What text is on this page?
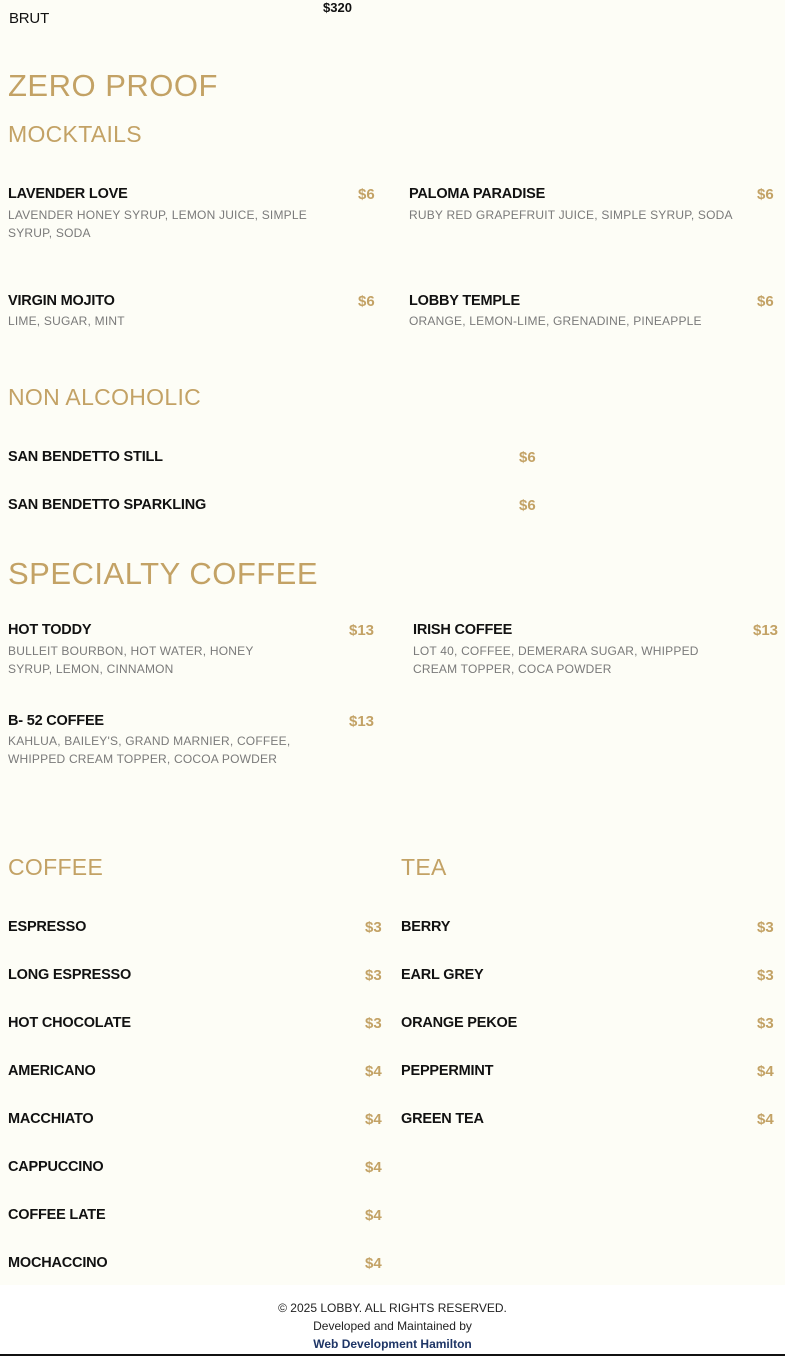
BRUT
$320
ZERO PROOF
MOCKTAILS
LAVENDER LOVE	$6
LAVENDER HONEY SYRUP, LEMON JUICE, SIMPLE SYRUP, SODA
PALOMA PARADISE	$6
RUBY RED GRAPEFRUIT JUICE, SIMPLE SYRUP, SODA
VIRGIN MOJITO	$6
LIME, SUGAR, MINT
LOBBY TEMPLE	$6
ORANGE, LEMON-LIME, GRENADINE, PINEAPPLE
NON ALCOHOLIC
SAN BENDETTO STILL	$6
SAN BENDETTO SPARKLING	$6
SPECIALTY COFFEE
HOT TODDY	$13
BULLEIT BOURBON, HOT WATER, HONEY SYRUP, LEMON, CINNAMON
IRISH COFFEE	$13
LOT 40, COFFEE, DEMERARA SUGAR, WHIPPED CREAM TOPPER, COCA POWDER
B- 52 COFFEE	$13
KAHLUA, BAILEY'S, GRAND MARNIER, COFFEE, WHIPPED CREAM TOPPER, COCOA POWDER
COFFEE
ESPRESSO	$3
LONG ESPRESSO	$3
HOT CHOCOLATE	$3
AMERICANO	$4
MACCHIATO	$4
CAPPUCCINO	$4
COFFEE LATE	$4
MOCHACCINO	$4
TEA
BERRY	$3
EARL GREY	$3
ORANGE PEKOE	$3
PEPPERMINT	$4
GREEN TEA	$4
© 2025 LOBBY. ALL RIGHTS RESERVED.
Developed and Maintained by
Web Development Hamilton
